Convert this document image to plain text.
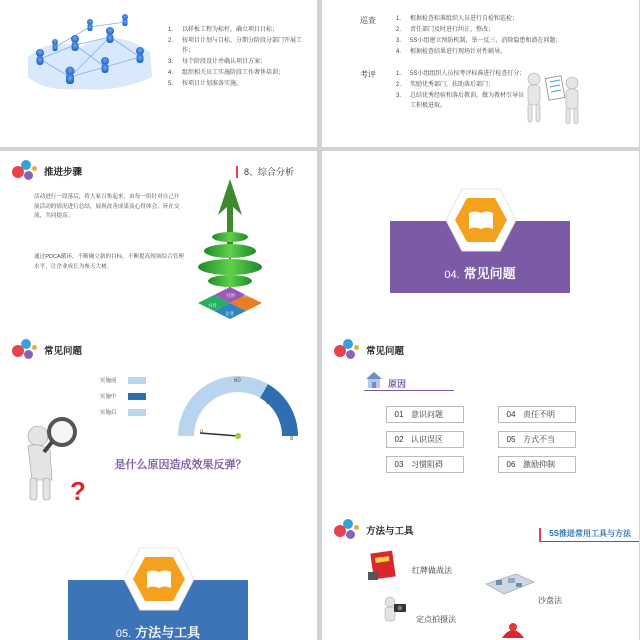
1.	以样板工程为标杆，确立项目目标；
2.	按项目计划与目标，分期分阶段分部门开展工作；
3.	每个阶段设计并确认项目方案；
4.	组织相关员工实施阶段工作奢侈培训；
5.	按项目计划准备实施。
巡查	1.	根据检查标准组织人员进行自检和巡检；
2.	责任部门及时进行纠正、整改；
3.	5S小组建立预防机制，举一反三，消除隐患和潜在问题；
4.	根据检查结果进行现场针对性辅导。
考评	1.	5S小组组织人员按考评标准进行检查打分；
2.	奖励优秀部门，扶助落后部门；
3.	总结优秀经验和落后教训，做为教材引导员工积极进取。
推进步骤	8、综合分析

活动进行一段落后，将大家召集起来，由每一组针对自己开展活动的情况进行总结，展现改善成果及心得体会。旨在交流，共同提高。

通过PDCA循环，不断确立新的目标，不断提高现场综合管理水平，让企业成长为参天大树。

目的 目标
方针
企业
04. 常见问题
常见问题
实施前
实施中
实施后
0
60
3
8
是什么原因造成效果反弹？
?
常见问题
原因
01 意识问题
02 认识误区
03 习惯阻碍
04 责任不明
05 方式不当
06 激励抑制
05. 方法与工具
方法与工具	5S推进常用工具与方法
红牌做战法
沙盘法
定点拍摄法
